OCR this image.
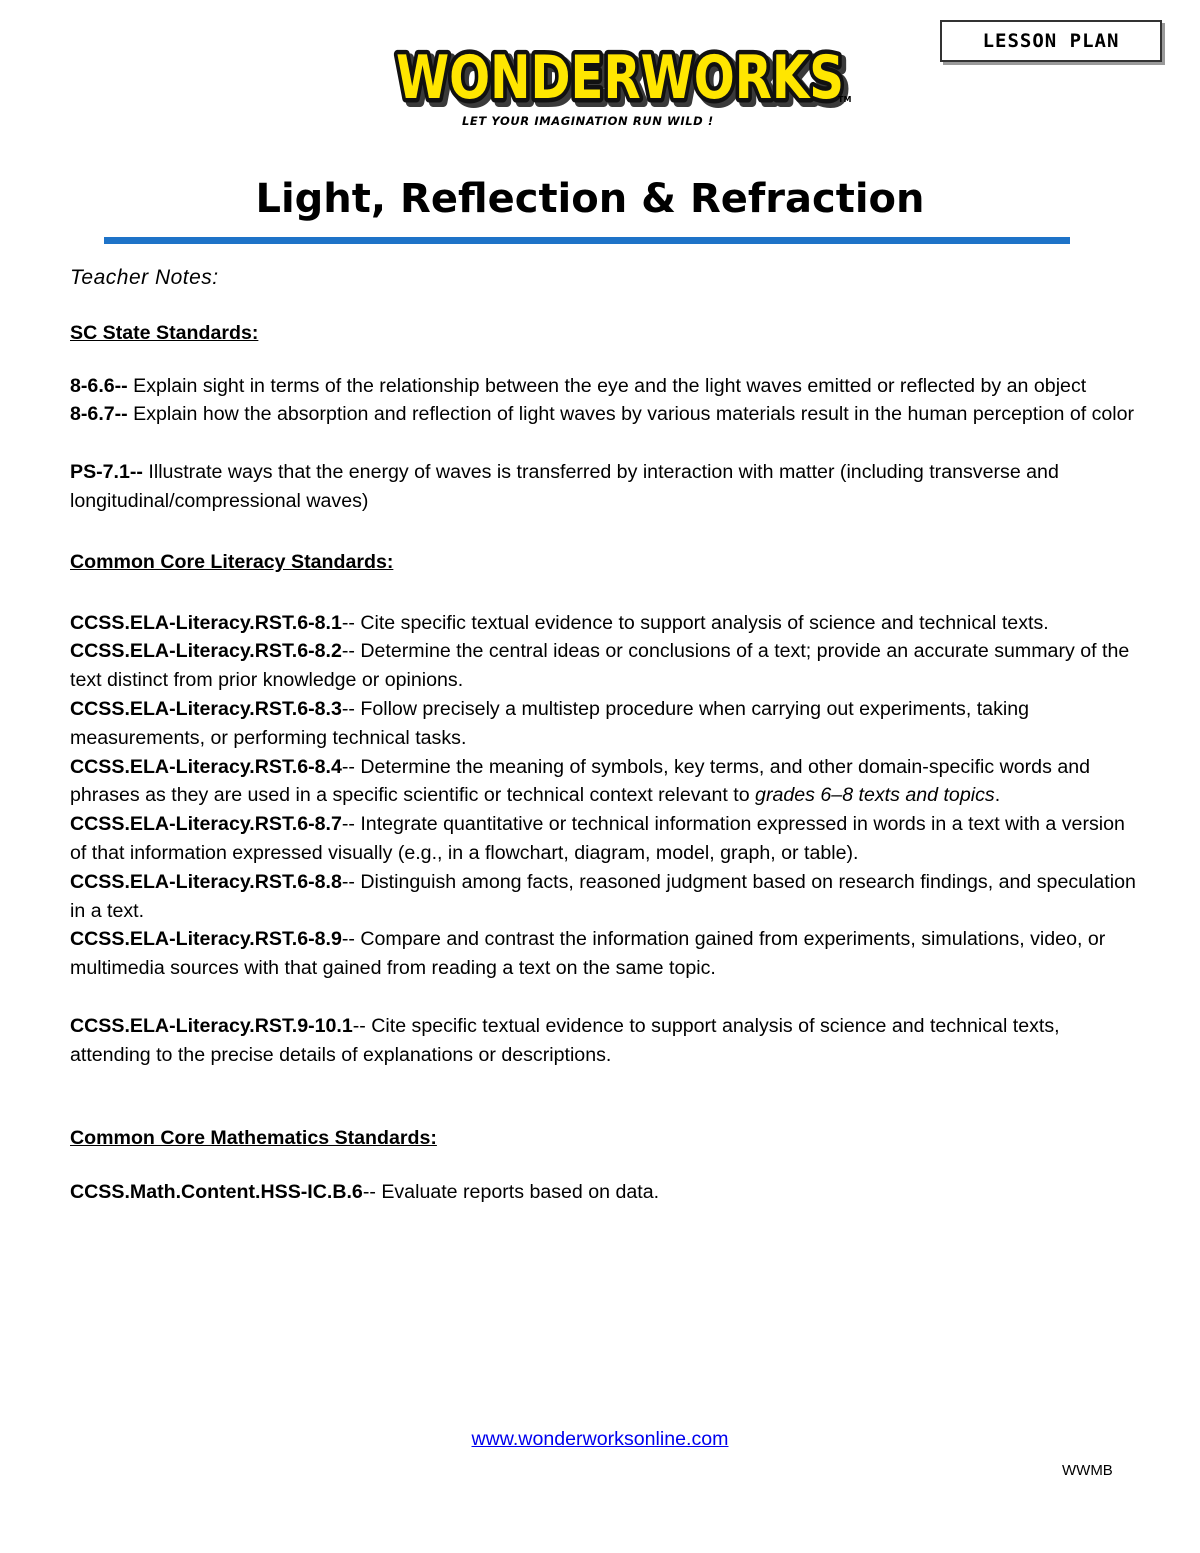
LESSON PLAN
WONDERWORKS
WONDERWORKS
WONDERWORKS
TM
LET YOUR IMAGINATION RUN WILD !
Light, Reflection & Refraction

Teacher Notes:

SC State Standards:

8-6.6-- Explain sight in terms of the relationship between the eye and the light waves emitted or reflected by an object

8-6.7-- Explain how the absorption and reflection of light waves by various materials result in the human perception of color

PS-7.1-- Illustrate ways that the energy of waves is transferred by interaction with matter (including transverse and longitudinal/compressional waves)

Common Core Literacy Standards:

CCSS.ELA-Literacy.RST.6-8.1-- Cite specific textual evidence to support analysis of science and technical texts.

CCSS.ELA-Literacy.RST.6-8.2-- Determine the central ideas or conclusions of a text; provide an accurate summary of the text distinct from prior knowledge or opinions.

CCSS.ELA-Literacy.RST.6-8.3-- Follow precisely a multistep procedure when carrying out experiments, taking measurements, or performing technical tasks.

CCSS.ELA-Literacy.RST.6-8.4-- Determine the meaning of symbols, key terms, and other domain-specific words and phrases as they are used in a specific scientific or technical context relevant to grades 6–8 texts and topics.

CCSS.ELA-Literacy.RST.6-8.7-- Integrate quantitative or technical information expressed in words in a text with a version of that information expressed visually (e.g., in a flowchart, diagram, model, graph, or table).

CCSS.ELA-Literacy.RST.6-8.8-- Distinguish among facts, reasoned judgment based on research findings, and speculation in a text.

CCSS.ELA-Literacy.RST.6-8.9-- Compare and contrast the information gained from experiments, simulations, video, or multimedia sources with that gained from reading a text on the same topic.

CCSS.ELA-Literacy.RST.9-10.1-- Cite specific textual evidence to support analysis of science and technical texts, attending to the precise details of explanations or descriptions.

Common Core Mathematics Standards:

CCSS.Math.Content.HSS-IC.B.6-- Evaluate reports based on data.

www.wonderworksonline.com
WWMB
